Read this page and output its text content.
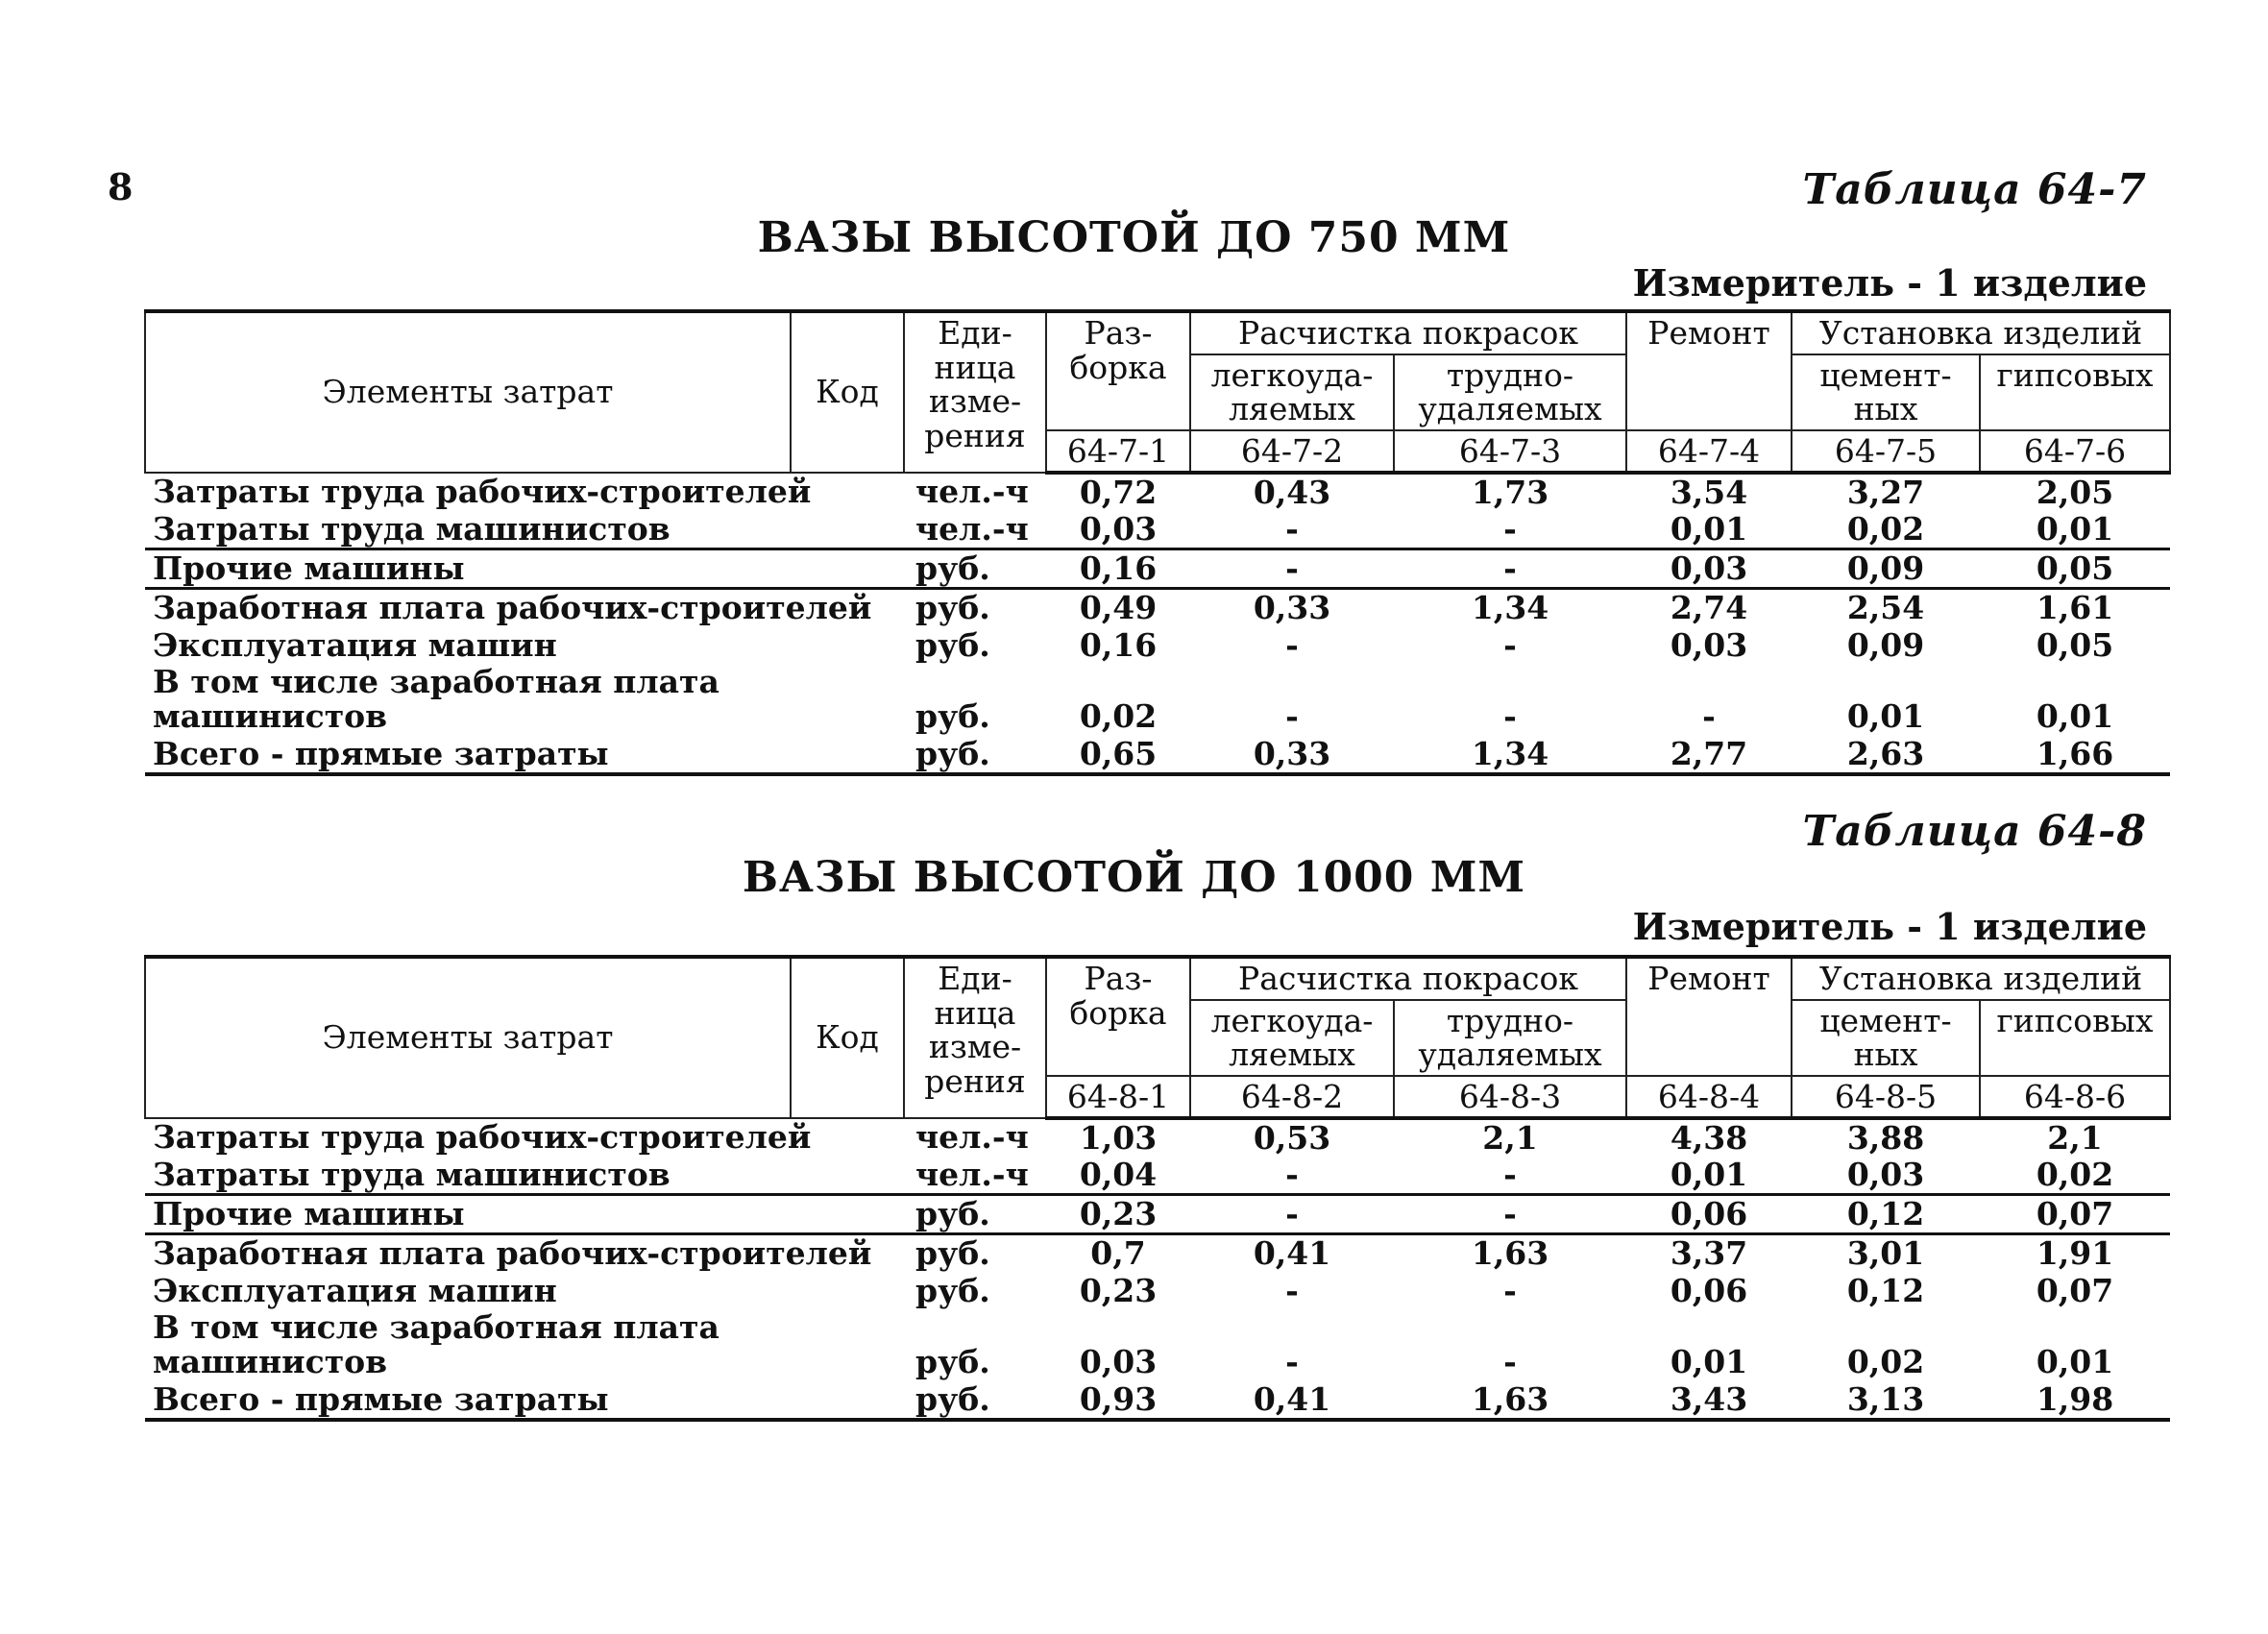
8	Таблица 64-7
ВАЗЫ ВЫСОТОЙ ДО 750 ММ
Измеритель - 1 изделие
Элементы затрат	Код	Еди-
ница
изме-
рения	Раз-
борка	Расчистка покрасок		Ремонт	Установка изделий	

				легкоуда-
ляемых	трудно-
удаляемых		цемент-
ных	гипсовых

			64-7-1	64-7-2	64-7-3	64-7-4	64-7-5	64-7-6
Затраты труда рабочих-строителей		чел.-ч	0,72	0,43	1,73	3,54	3,27	2,05
Затраты труда машинистов		чел.-ч	0,03	-	-	0,01	0,02	0,01
Прочие машины		руб.	0,16	-	-	0,03	0,09	0,05
Заработная плата рабочих-строителей		руб.	0,49	0,33	1,34	2,74	2,54	1,61
Эксплуатация машин		руб.	0,16	-	-	0,03	0,09	0,05
В том числе заработная плата машинистов		руб.	0,02	-	-	-	0,01	0,01
Всего - прямые затраты		руб.	0,65	0,33	1,34	2,77	2,63	1,66
Таблица 64-8
ВАЗЫ ВЫСОТОЙ ДО 1000 ММ
Измеритель - 1 изделие
Элементы затрат	Код	Еди-
ница
изме-
рения	Раз-
борка	Расчистка покрасок		Ремонт	Установка изделий	

				легкоуда-
ляемых	трудно-
удаляемых		цемент-
ных	гипсовых

			64-8-1	64-8-2	64-8-3	64-8-4	64-8-5	64-8-6
Затраты труда рабочих-строителей		чел.-ч	1,03	0,53	2,1	4,38	3,88	2,1
Затраты труда машинистов		чел.-ч	0,04	-	-	0,01	0,03	0,02
Прочие машины		руб.	0,23	-	-	0,06	0,12	0,07
Заработная плата рабочих-строителей		руб.	0,7	0,41	1,63	3,37	3,01	1,91
Эксплуатация машин		руб.	0,23	-	-	0,06	0,12	0,07
В том числе заработная плата машинистов		руб.	0,03	-	-	0,01	0,02	0,01
Всего - прямые затраты		руб.	0,93	0,41	1,63	3,43	3,13	1,98
